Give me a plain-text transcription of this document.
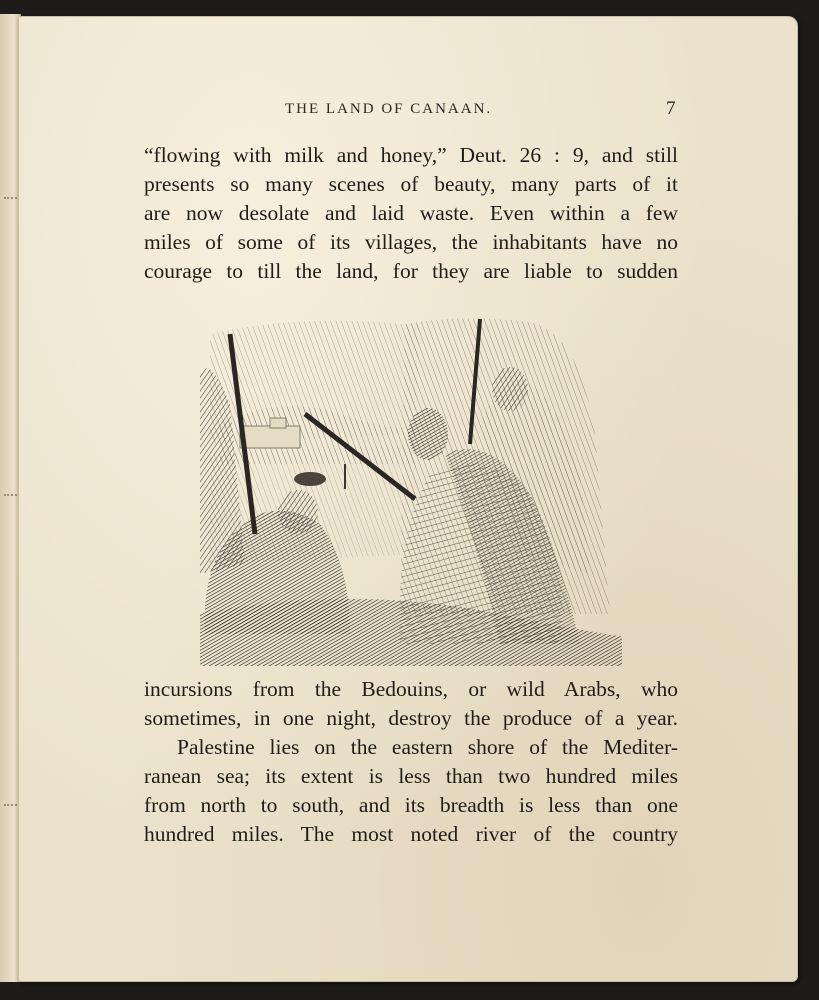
THE LAND OF CANAAN.	7
“flowing with milk and honey,” Deut. 26 : 9, and still
presents so many scenes of beauty, many parts of it
are now desolate and laid waste. Even within a few
miles of some of its villages, the inhabitants have no
courage to till the land, for they are liable to sudden
incursions from the Bedouins, or wild Arabs, who
sometimes, in one night, destroy the produce of a year.
Palestine lies on the eastern shore of the Mediter-
ranean sea; its extent is less than two hundred miles
from north to south, and its breadth is less than one
hundred miles. The most noted river of the country
